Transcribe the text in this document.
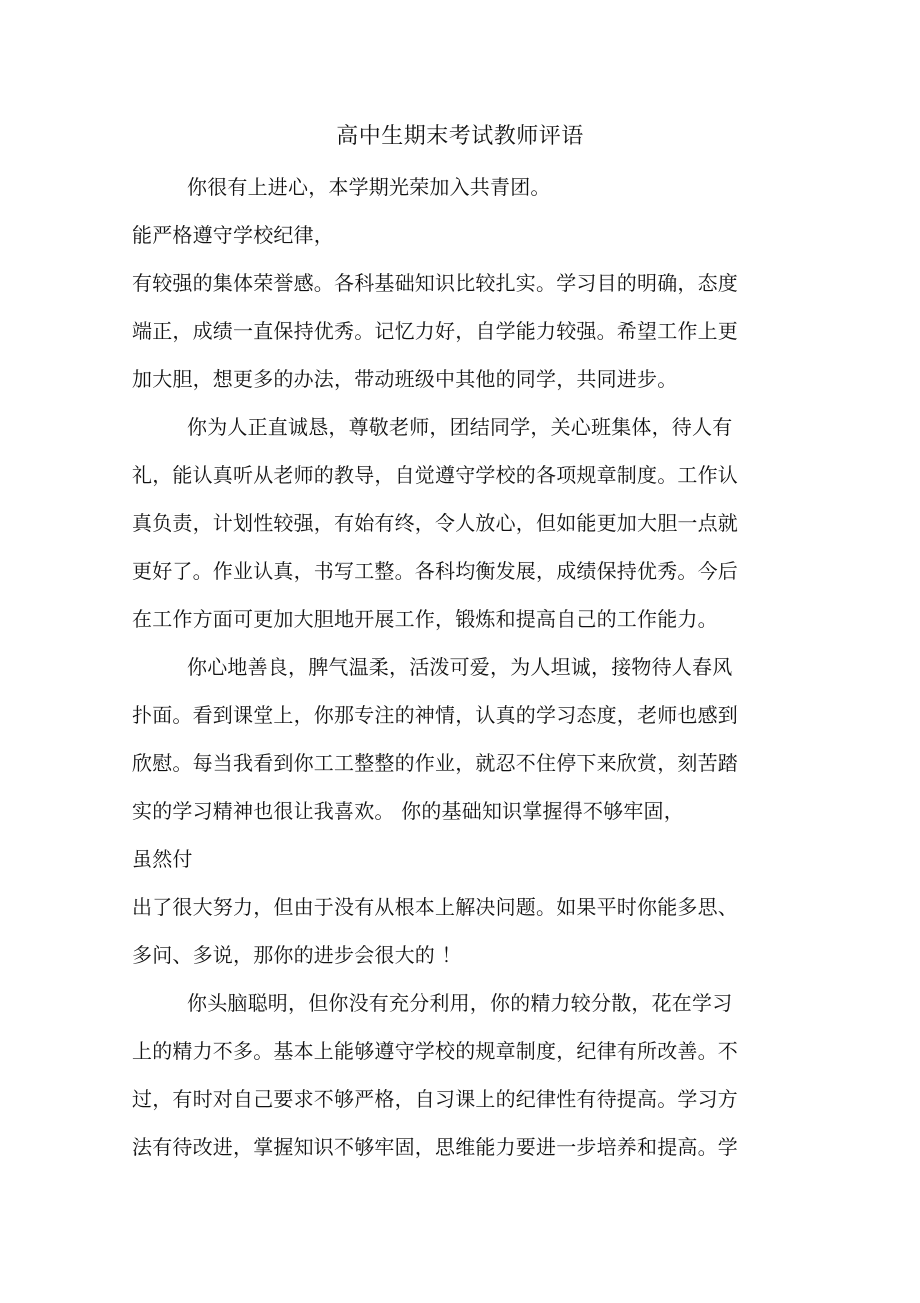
高中生期末考试教师评语
你很有上进心，本学期光荣加入共青团。
能严格遵守学校纪律，
有较强的集体荣誉感。各科基础知识比较扎实。学习目的明确，态度
端正，成绩一直保持优秀。记忆力好，自学能力较强。希望工作上更
加大胆，想更多的办法，带动班级中其他的同学，共同进步。
你为人正直诚恳，尊敬老师，团结同学，关心班集体，待人有
礼，能认真听从老师的教导，自觉遵守学校的各项规章制度。工作认
真负责，计划性较强，有始有终，令人放心，但如能更加大胆一点就
更好了。作业认真，书写工整。各科均衡发展，成绩保持优秀。今后
在工作方面可更加大胆地开展工作，锻炼和提高自己的工作能力。
你心地善良，脾气温柔，活泼可爱，为人坦诚，接物待人春风
扑面。看到课堂上，你那专注的神情，认真的学习态度，老师也感到
欣慰。每当我看到你工工整整的作业，就忍不住停下来欣赏，刻苦踏
实的学习精神也很让我喜欢。 你的基础知识掌握得不够牢固，
虽然付
出了很大努力，但由于没有从根本上解决问题。如果平时你能多思、
多问、多说，那你的进步会很大的 ！
你头脑聪明，但你没有充分利用，你的精力较分散，花在学习
上的精力不多。基本上能够遵守学校的规章制度，纪律有所改善。不
过，有时对自己要求不够严格，自习课上的纪律性有待提高。学习方
法有待改进，掌握知识不够牢固，思维能力要进一步培养和提高。学
